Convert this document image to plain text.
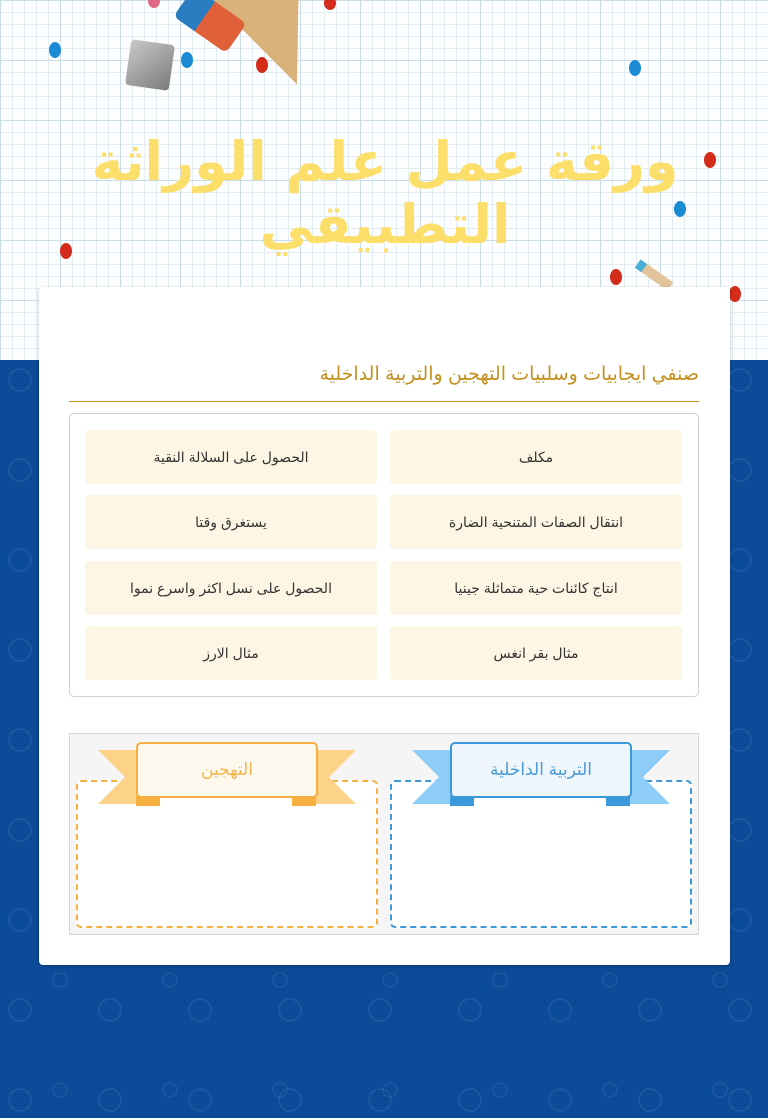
ورقة عمل علم الوراثة التطبيقي
صنفي ايجابيات وسلبيات التهجين والتربية الداخلية
مكلف
الحصول على السلالة النقية
انتقال الصفات المتنحية الضارة
يستغرق وقتا
انتاج كائنات حية متماثلة جينيا
الحصول على نسل اكثر واسرع نموا
مثال بقر انغس
مثال الارز
التربية الداخلية
التهجين
